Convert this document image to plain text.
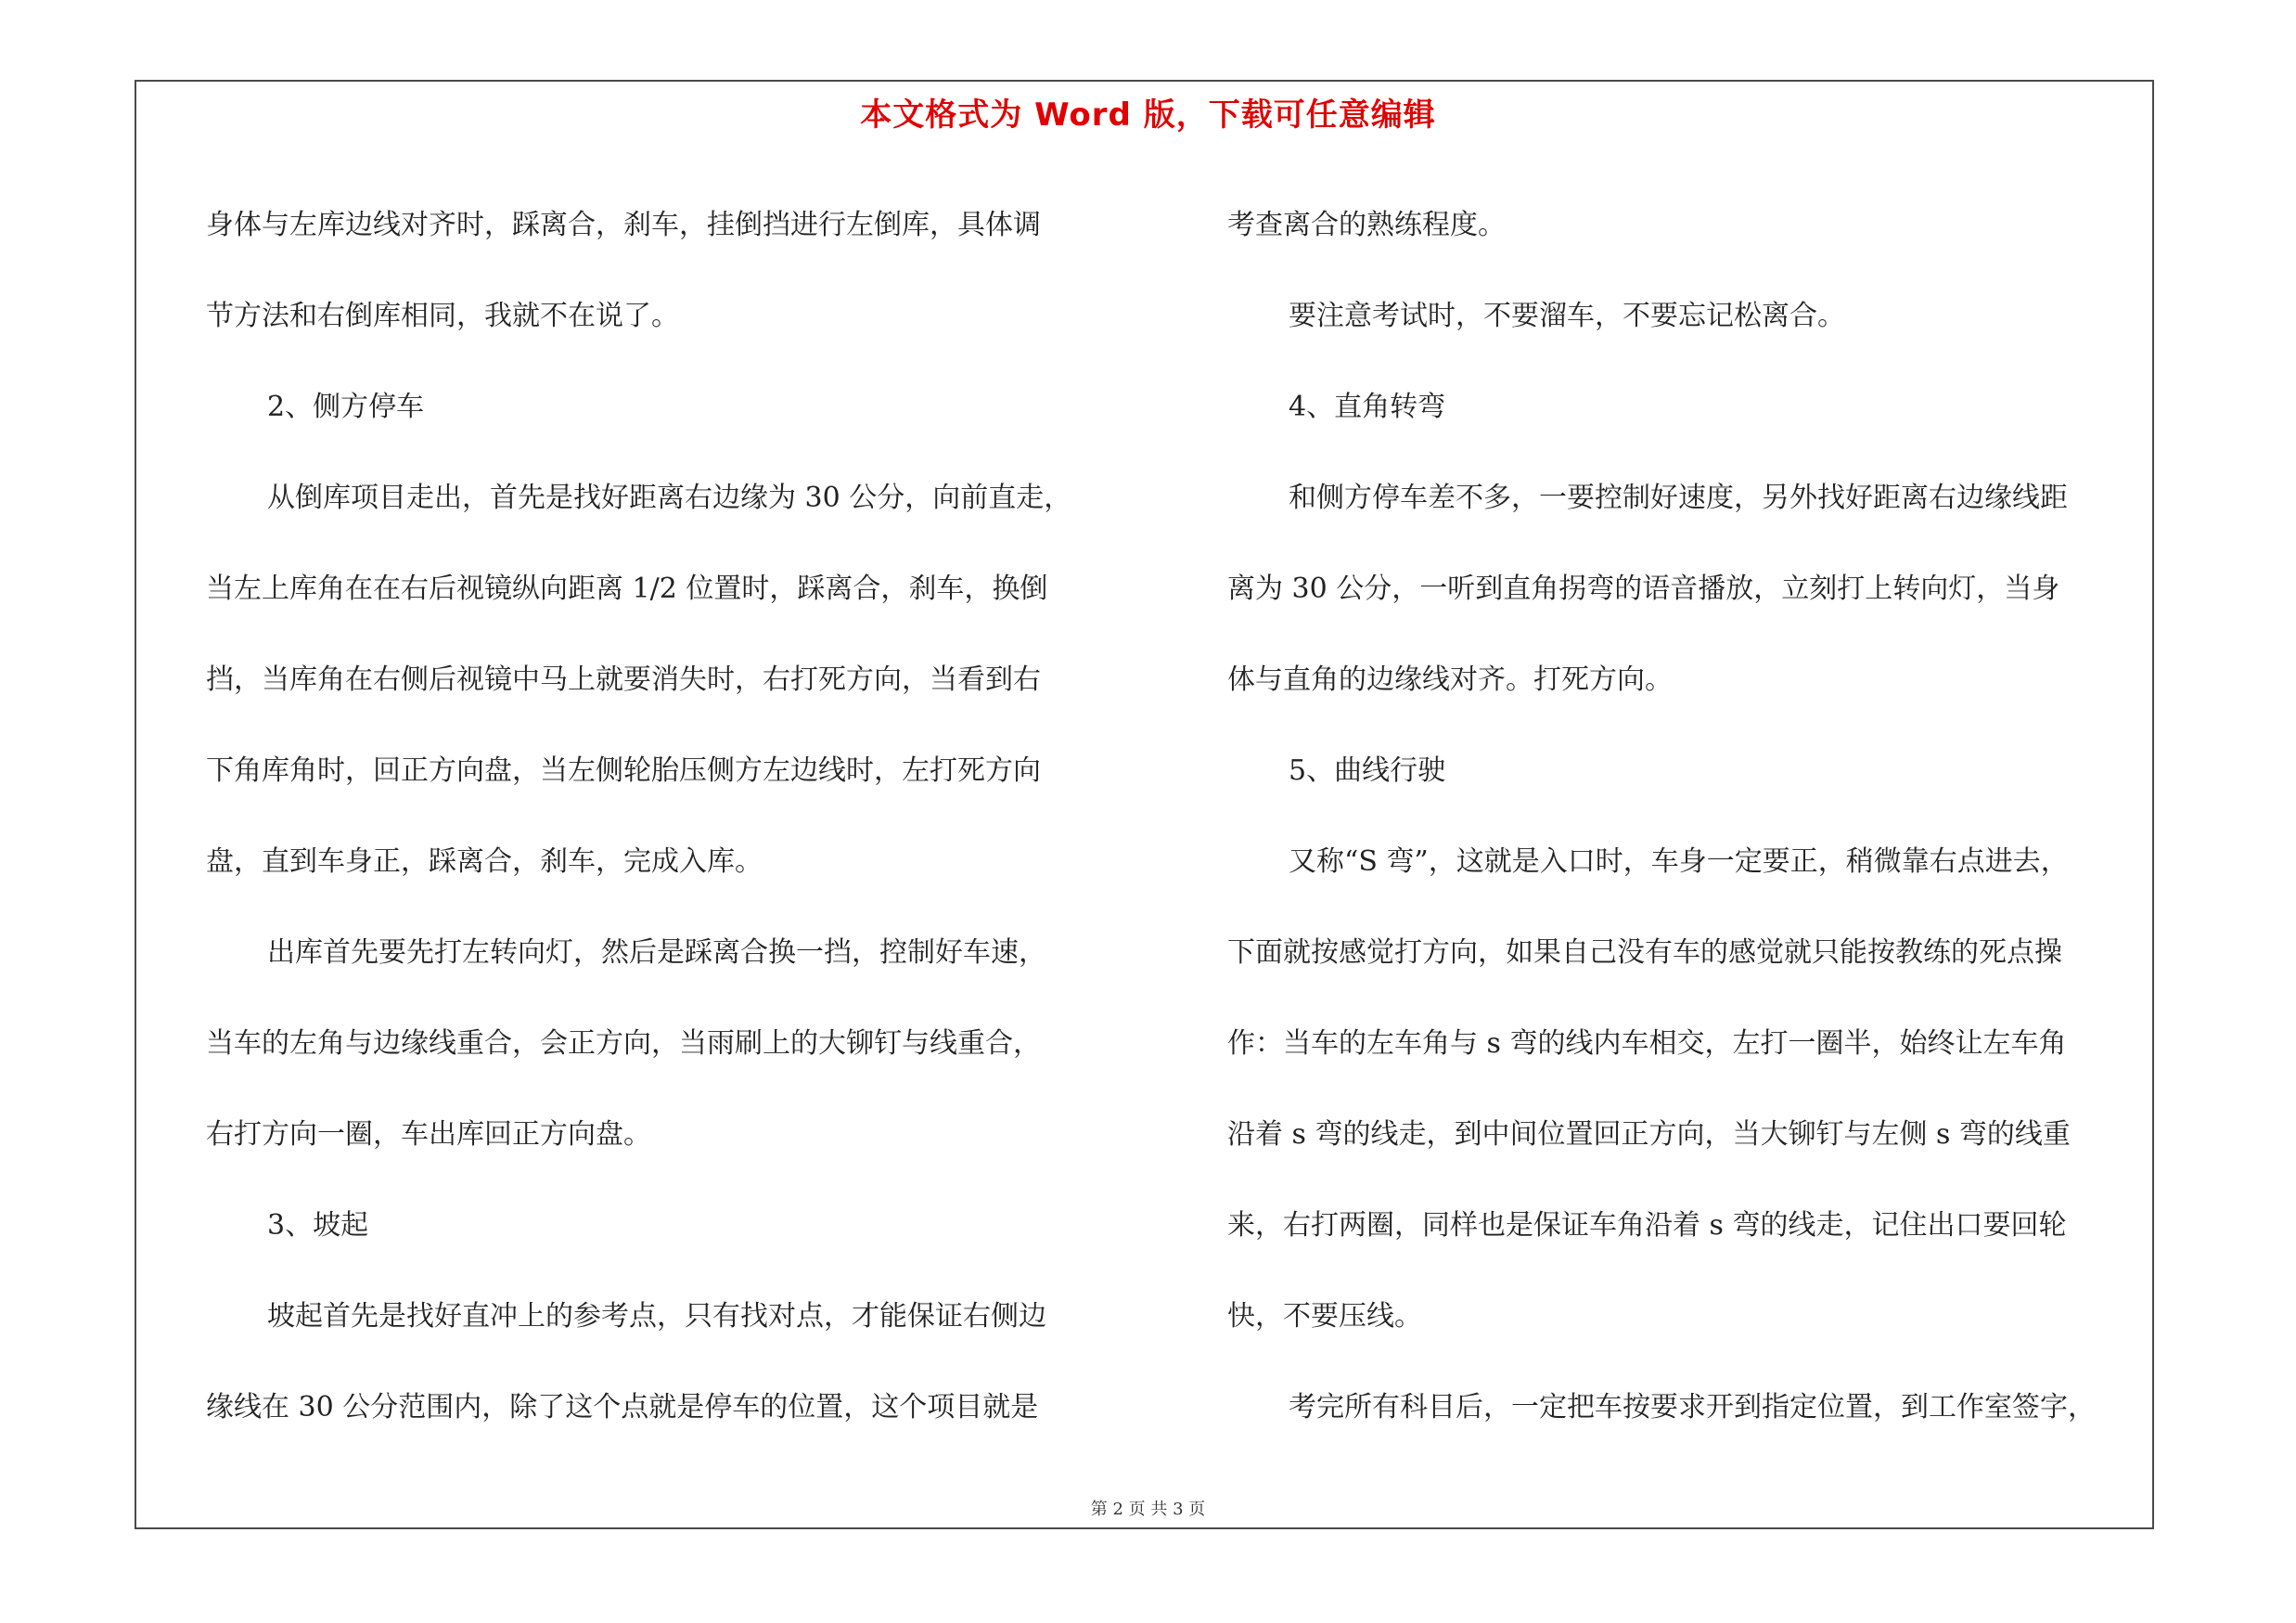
本文格式为 Word 版，下载可任意编辑
身体与左库边线对齐时，踩离合，刹车，挂倒挡进行左倒库，具体调
节方法和右倒库相同，我就不在说了。
2、侧方停车
从倒库项目走出，首先是找好距离右边缘为 30 公分，向前直走，
当左上库角在在右后视镜纵向距离 1/2 位置时，踩离合，刹车，换倒
挡，当库角在右侧后视镜中马上就要消失时，右打死方向，当看到右
下角库角时，回正方向盘，当左侧轮胎压侧方左边线时，左打死方向
盘，直到车身正，踩离合，刹车，完成入库。
出库首先要先打左转向灯，然后是踩离合换一挡，控制好车速，
当车的左角与边缘线重合，会正方向，当雨刷上的大铆钉与线重合，
右打方向一圈，车出库回正方向盘。
3、坡起
坡起首先是找好直冲上的参考点，只有找对点，才能保证右侧边
缘线在 30 公分范围内，除了这个点就是停车的位置，这个项目就是
考查离合的熟练程度。
要注意考试时，不要溜车，不要忘记松离合。
4、直角转弯
和侧方停车差不多，一要控制好速度，另外找好距离右边缘线距
离为 30 公分，一听到直角拐弯的语音播放，立刻打上转向灯，当身
体与直角的边缘线对齐。打死方向。
5、曲线行驶
又称“S 弯”，这就是入口时，车身一定要正，稍微靠右点进去，
下面就按感觉打方向，如果自己没有车的感觉就只能按教练的死点操
作：当车的左车角与 s 弯的线内车相交，左打一圈半，始终让左车角
沿着 s 弯的线走，到中间位置回正方向，当大铆钉与左侧 s 弯的线重
来，右打两圈，同样也是保证车角沿着 s 弯的线走，记住出口要回轮
快，不要压线。
考完所有科目后，一定把车按要求开到指定位置，到工作室签字，
第 2 页 共 3 页
